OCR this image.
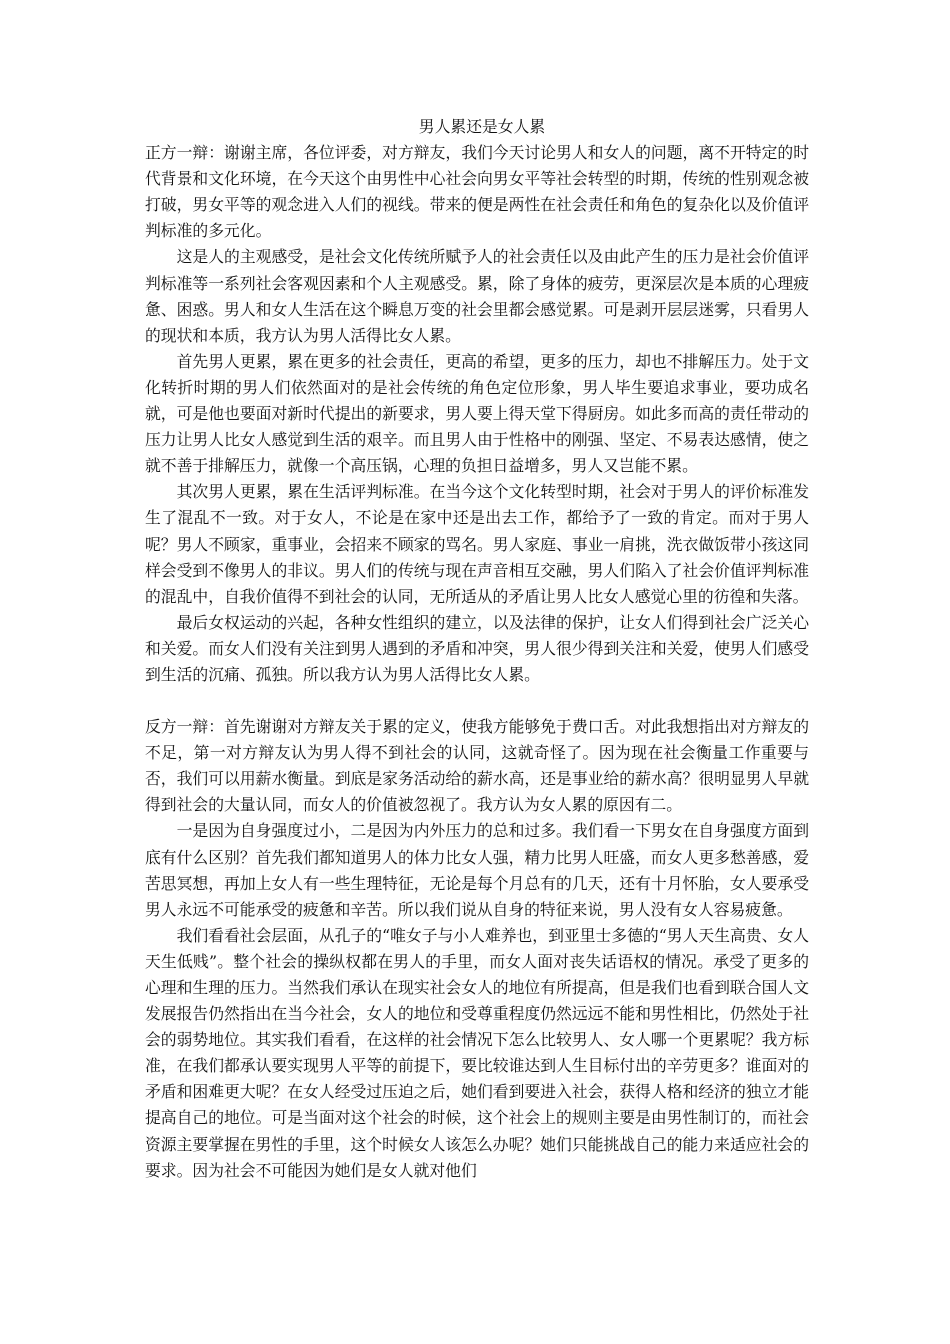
男人累还是女人累

正方一辩：谢谢主席，各位评委，对方辩友，我们今天讨论男人和女人的问题，离不开特定的时代背景和文化环境，在今天这个由男性中心社会向男女平等社会转型的时期，传统的性别观念被打破，男女平等的观念进入人们的视线。带来的便是两性在社会责任和角色的复杂化以及价值评判标准的多元化。

这是人的主观感受，是社会文化传统所赋予人的社会责任以及由此产生的压力是社会价值评判标准等一系列社会客观因素和个人主观感受。累，除了身体的疲劳，更深层次是本质的心理疲惫、困惑。男人和女人生活在这个瞬息万变的社会里都会感觉累。可是剥开层层迷雾，只看男人的现状和本质，我方认为男人活得比女人累。

首先男人更累，累在更多的社会责任，更高的希望，更多的压力，却也不排解压力。处于文化转折时期的男人们依然面对的是社会传统的角色定位形象，男人毕生要追求事业，要功成名就，可是他也要面对新时代提出的新要求，男人要上得天堂下得厨房。如此多而高的责任带动的压力让男人比女人感觉到生活的艰辛。而且男人由于性格中的刚强、坚定、不易表达感情，使之就不善于排解压力，就像一个高压锅，心理的负担日益增多，男人又岂能不累。

其次男人更累，累在生活评判标准。在当今这个文化转型时期，社会对于男人的评价标准发生了混乱不一致。对于女人，不论是在家中还是出去工作，都给予了一致的肯定。而对于男人呢？男人不顾家，重事业，会招来不顾家的骂名。男人家庭、事业一肩挑，洗衣做饭带小孩这同样会受到不像男人的非议。男人们的传统与现在声音相互交融，男人们陷入了社会价值评判标准的混乱中，自我价值得不到社会的认同，无所适从的矛盾让男人比女人感觉心里的彷徨和失落。

最后女权运动的兴起，各种女性组织的建立，以及法律的保护，让女人们得到社会广泛关心和关爱。而女人们没有关注到男人遇到的矛盾和冲突，男人很少得到关注和关爱，使男人们感受到生活的沉痛、孤独。所以我方认为男人活得比女人累。

反方一辩：首先谢谢对方辩友关于累的定义，使我方能够免于费口舌。对此我想指出对方辩友的不足，第一对方辩友认为男人得不到社会的认同，这就奇怪了。因为现在社会衡量工作重要与否，我们可以用薪水衡量。到底是家务活动给的薪水高，还是事业给的薪水高？很明显男人早就得到社会的大量认同，而女人的价值被忽视了。我方认为女人累的原因有二。

一是因为自身强度过小，二是因为内外压力的总和过多。我们看一下男女在自身强度方面到底有什么区别？首先我们都知道男人的体力比女人强，精力比男人旺盛，而女人更多愁善感，爱苦思冥想，再加上女人有一些生理特征，无论是每个月总有的几天，还有十月怀胎，女人要承受男人永远不可能承受的疲惫和辛苦。所以我们说从自身的特征来说，男人没有女人容易疲惫。

我们看看社会层面，从孔子的“唯女子与小人难养也，到亚里士多德的“男人天生高贵、女人天生低贱”。整个社会的操纵权都在男人的手里，而女人面对丧失话语权的情况。承受了更多的心理和生理的压力。当然我们承认在现实社会女人的地位有所提高，但是我们也看到联合国人文发展报告仍然指出在当今社会，女人的地位和受尊重程度仍然远远不能和男性相比，仍然处于社会的弱势地位。其实我们看看，在这样的社会情况下怎么比较男人、女人哪一个更累呢？我方标准，在我们都承认要实现男人平等的前提下，要比较谁达到人生目标付出的辛劳更多？谁面对的矛盾和困难更大呢？在女人经受过压迫之后，她们看到要进入社会，获得人格和经济的独立才能提高自己的地位。可是当面对这个社会的时候，这个社会上的规则主要是由男性制订的，而社会资源主要掌握在男性的手里，这个时候女人该怎么办呢？她们只能挑战自己的能力来适应社会的要求。因为社会不可能因为她们是女人就对他们
